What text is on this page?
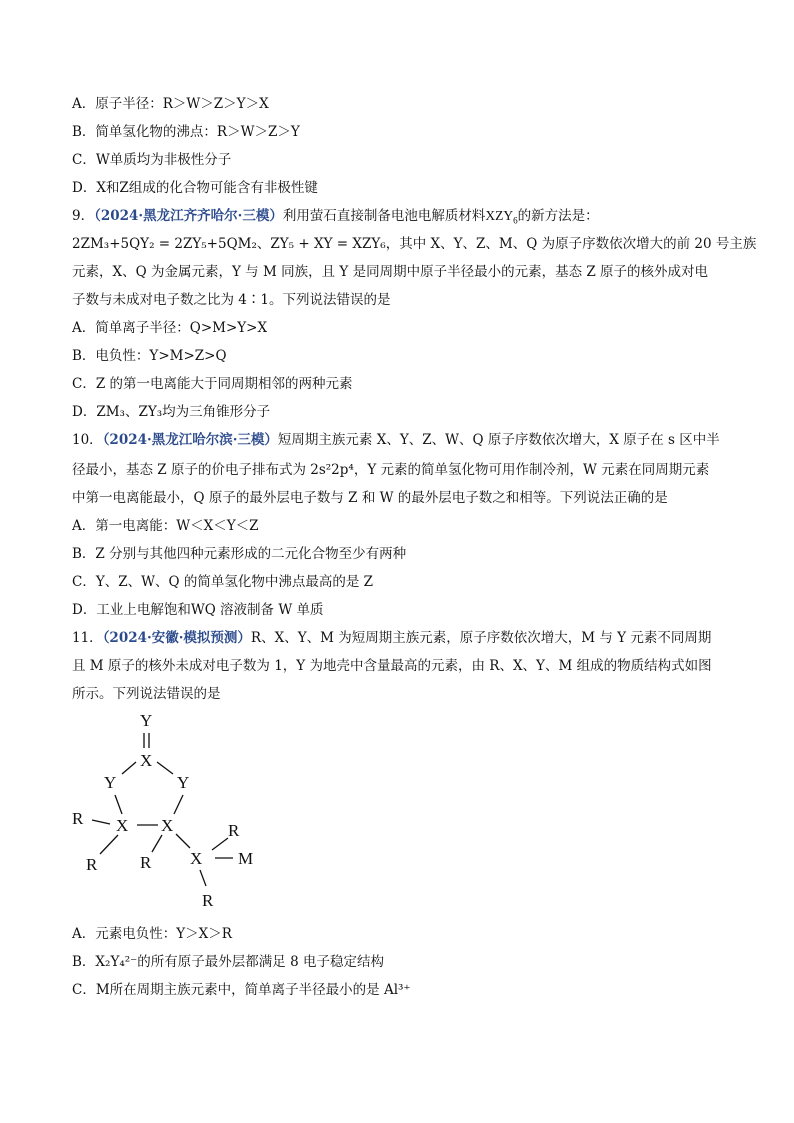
A．原子半径：R＞W＞Z＞Y＞X
B．简单氢化物的沸点：R＞W＞Z＞Y
C．W单质均为非极性分子
D．X和Z组成的化合物可能含有非极性键
9．（2024·黑龙江齐齐哈尔·三模）利用萤石直接制备电池电解质材料$XZY_6$的新方法是：
2ZM₃+5QY₂ = 2ZY₅+5QM₂、ZY₅ + XY = XZY₆，其中 X、Y、Z、M、Q 为原子序数依次增大的前 20 号主族
元素，X、Q 为金属元素，Y 与 M 同族，且 Y 是同周期中原子半径最小的元素，基态 Z 原子的核外成对电
子数与未成对电子数之比为 4∶1。下列说法错误的是
A．简单离子半径：Q>M>Y>X
B．电负性：Y>M>Z>Q
C．Z 的第一电离能大于同周期相邻的两种元素
D．ZM₃、ZY₃均为三角锥形分子
10．（2024·黑龙江哈尔滨·三模）短周期主族元素 X、Y、Z、W、Q 原子序数依次增大，X 原子在 s 区中半
径最小，基态 Z 原子的价电子排布式为 2s²2p⁴，Y 元素的简单氢化物可用作制冷剂，W 元素在同周期元素
中第一电离能最小，Q 原子的最外层电子数与 Z 和 W 的最外层电子数之和相等。下列说法正确的是
A．第一电离能：W＜X＜Y＜Z
B．Z 分别与其他四种元素形成的二元化合物至少有两种
C．Y、Z、W、Q 的简单氢化物中沸点最高的是 Z
D．工业上电解饱和WQ 溶液制备 W 单质
11．（2024·安徽·模拟预测）R、X、Y、M 为短周期主族元素，原子序数依次增大，M 与 Y 元素不同周期
且 M 原子的核外未成对电子数为 1，Y 为地壳中含量最高的元素，由 R、X、Y、M 组成的物质结构式如图
所示。下列说法错误的是
Y
X
Y	Y
X X
R
R	R X
R
M
R
A．元素电负性：Y＞X＞R
B．X₂Y₄²⁻的所有原子最外层都满足 8 电子稳定结构
C．M所在周期主族元素中，简单离子半径最小的是 Al³⁺
